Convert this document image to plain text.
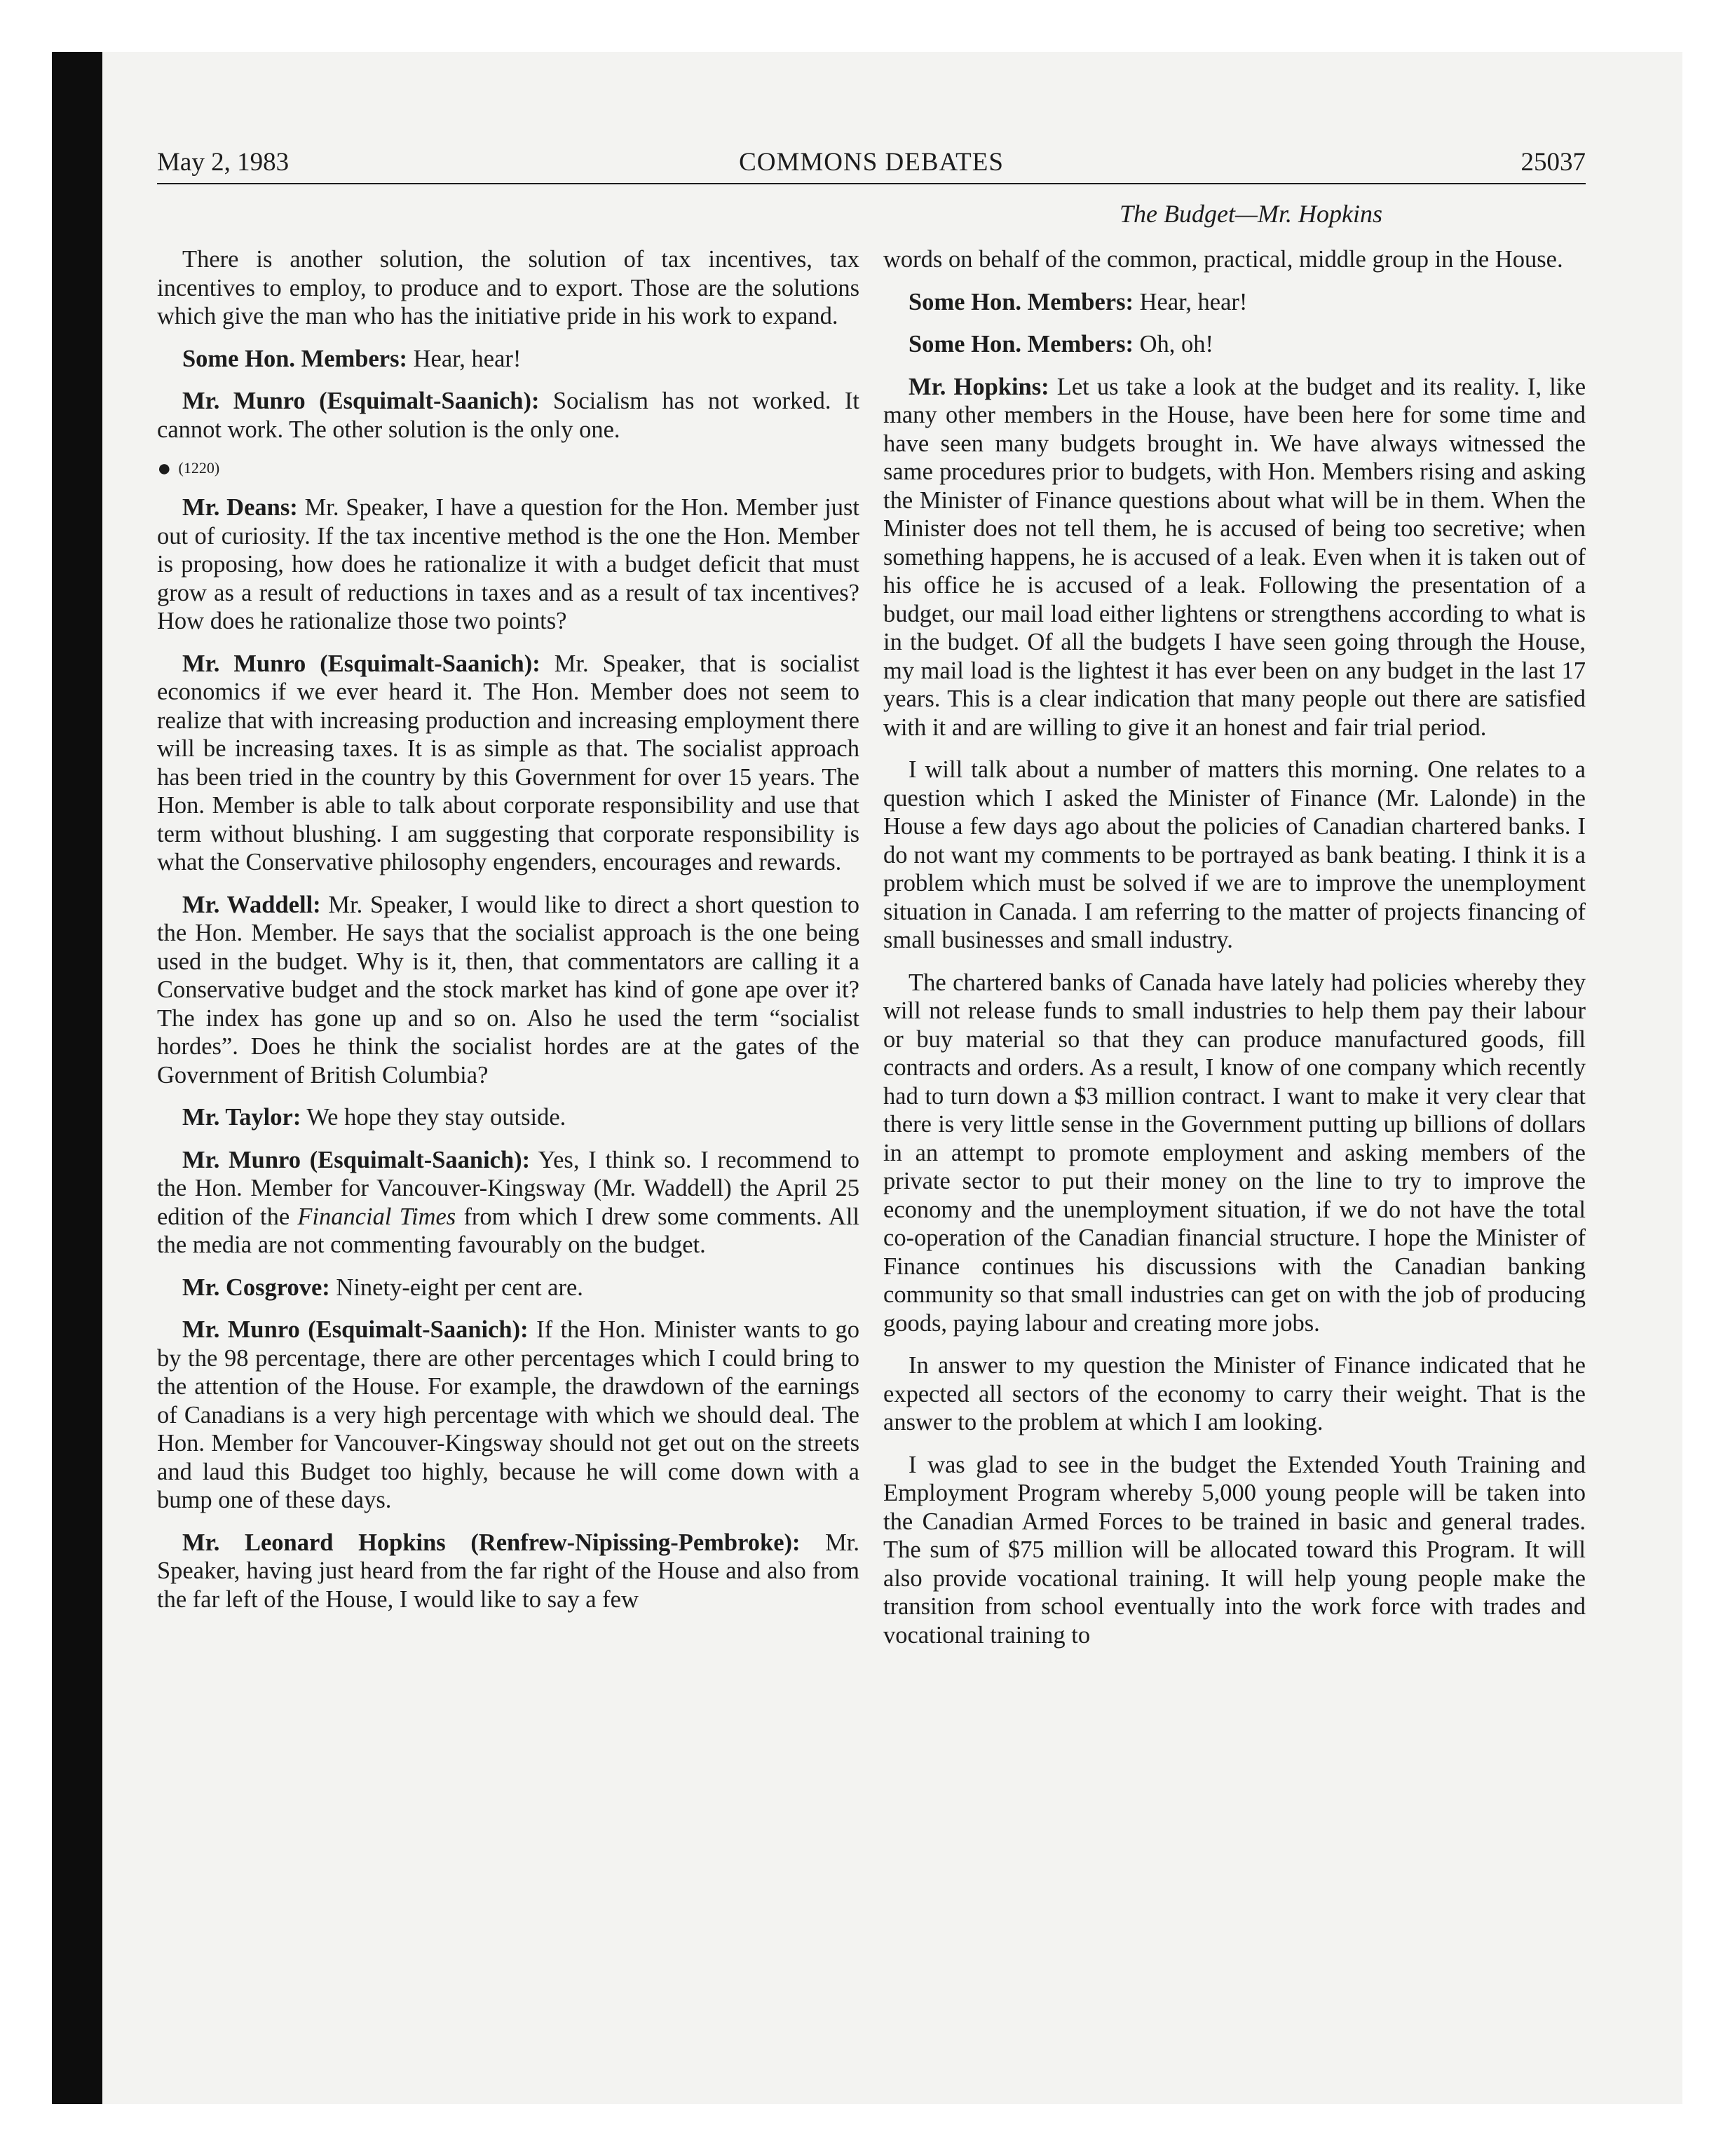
May 2, 1983	COMMONS DEBATES	25037
The Budget—Mr. Hopkins

There is another solution, the solution of tax incentives, tax incentives to employ, to produce and to export. Those are the solutions which give the man who has the initiative pride in his work to expand.

Some Hon. Members: Hear, hear!

Mr. Munro (Esquimalt-Saanich): Socialism has not worked. It cannot work. The other solution is the only one.

● (1220)

Mr. Deans: Mr. Speaker, I have a question for the Hon. Member just out of curiosity. If the tax incentive method is the one the Hon. Member is proposing, how does he rationalize it with a budget deficit that must grow as a result of reductions in taxes and as a result of tax incentives? How does he rationalize those two points?

Mr. Munro (Esquimalt-Saanich): Mr. Speaker, that is socialist economics if we ever heard it. The Hon. Member does not seem to realize that with increasing production and increasing employment there will be increasing taxes. It is as simple as that. The socialist approach has been tried in the country by this Government for over 15 years. The Hon. Member is able to talk about corporate responsibility and use that term without blushing. I am suggesting that corporate responsibility is what the Conservative philosophy engenders, encourages and rewards.

Mr. Waddell: Mr. Speaker, I would like to direct a short question to the Hon. Member. He says that the socialist approach is the one being used in the budget. Why is it, then, that commentators are calling it a Conservative budget and the stock market has kind of gone ape over it? The index has gone up and so on. Also he used the term “socialist hordes”. Does he think the socialist hordes are at the gates of the Government of British Columbia?

Mr. Taylor: We hope they stay outside.

Mr. Munro (Esquimalt-Saanich): Yes, I think so. I recommend to the Hon. Member for Vancouver-Kingsway (Mr. Waddell) the April 25 edition of the Financial Times from which I drew some comments. All the media are not commenting favourably on the budget.

Mr. Cosgrove: Ninety-eight per cent are.

Mr. Munro (Esquimalt-Saanich): If the Hon. Minister wants to go by the 98 percentage, there are other percentages which I could bring to the attention of the House. For example, the drawdown of the earnings of Canadians is a very high percentage with which we should deal. The Hon. Member for Vancouver-Kingsway should not get out on the streets and laud this Budget too highly, because he will come down with a bump one of these days.

Mr. Leonard Hopkins (Renfrew-Nipissing-Pembroke): Mr. Speaker, having just heard from the far right of the House and also from the far left of the House, I would like to say a few

words on behalf of the common, practical, middle group in the House.

Some Hon. Members: Hear, hear!

Some Hon. Members: Oh, oh!

Mr. Hopkins: Let us take a look at the budget and its reality. I, like many other members in the House, have been here for some time and have seen many budgets brought in. We have always witnessed the same procedures prior to budgets, with Hon. Members rising and asking the Minister of Finance questions about what will be in them. When the Minister does not tell them, he is accused of being too secretive; when something happens, he is accused of a leak. Even when it is taken out of his office he is accused of a leak. Following the presentation of a budget, our mail load either lightens or strengthens according to what is in the budget. Of all the budgets I have seen going through the House, my mail load is the lightest it has ever been on any budget in the last 17 years. This is a clear indication that many people out there are satisfied with it and are willing to give it an honest and fair trial period.

I will talk about a number of matters this morning. One relates to a question which I asked the Minister of Finance (Mr. Lalonde) in the House a few days ago about the policies of Canadian chartered banks. I do not want my comments to be portrayed as bank beating. I think it is a problem which must be solved if we are to improve the unemployment situation in Canada. I am referring to the matter of projects financing of small businesses and small industry.

The chartered banks of Canada have lately had policies whereby they will not release funds to small industries to help them pay their labour or buy material so that they can produce manufactured goods, fill contracts and orders. As a result, I know of one company which recently had to turn down a $3 million contract. I want to make it very clear that there is very little sense in the Government putting up billions of dollars in an attempt to promote employment and asking members of the private sector to put their money on the line to try to improve the economy and the unemployment situation, if we do not have the total co-operation of the Canadian financial structure. I hope the Minister of Finance continues his discussions with the Canadian banking community so that small industries can get on with the job of producing goods, paying labour and creating more jobs.

In answer to my question the Minister of Finance indicated that he expected all sectors of the economy to carry their weight. That is the answer to the problem at which I am looking.

I was glad to see in the budget the Extended Youth Training and Employment Program whereby 5,000 young people will be taken into the Canadian Armed Forces to be trained in basic and general trades. The sum of $75 million will be allocated toward this Program. It will also provide vocational training. It will help young people make the transition from school eventually into the work force with trades and vocational training to
